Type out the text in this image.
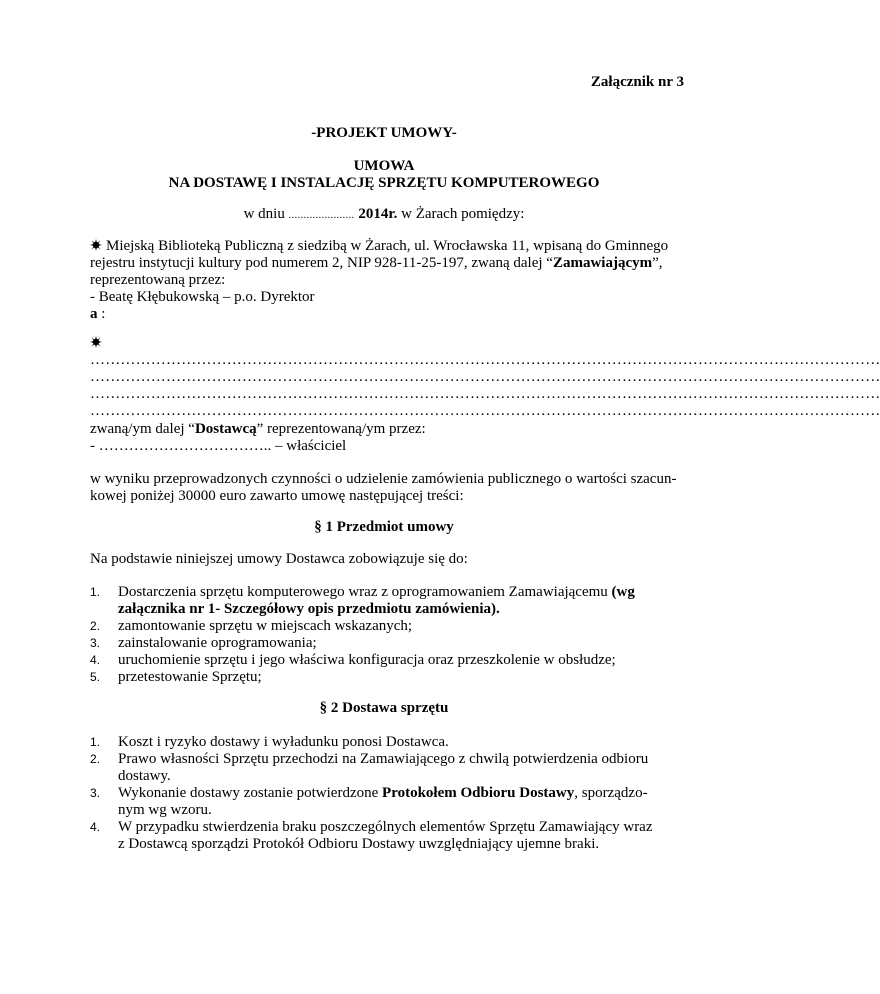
Załącznik nr 3
-PROJEKT UMOWY-
UMOWA
NA DOSTAWĘ I INSTALACJĘ SPRZĘTU KOMPUTEROWEGO
w dniu ...................... 2014r. w Żarach pomiędzy:
Miejską Biblioteką Publiczną z siedzibą w Żarach, ul. Wrocławska 11, wpisaną do Gminnego
rejestru instytucji kultury pod numerem 2, NIP 928-11-25-197, zwaną dalej “Zamawiającym”,
reprezentowaną przez:
- Beatę Kłębukowską – p.o. Dyrektor
a :
…………………………………………………………………………………………………………………………………………
…………………………………………………………………………………………………………………………………………
…………………………………………………………………………………………………………………………………………
…………………………………………………………………………………………………………………………………………
zwaną/ym dalej “Dostawcą” reprezentowaną/ym przez:
- …………………………….. – właściciel
w wyniku przeprowadzonych czynności o udzielenie zamówienia publicznego o wartości szacun-
kowej poniżej 30000 euro zawarto umowę następującej treści:
§ 1 Przedmiot umowy
Na podstawie niniejszej umowy Dostawca zobowiązuje się do:
1.	Dostarczenia sprzętu komputerowego wraz z oprogramowaniem Zamawiającemu (wg
załącznika nr 1- Szczegółowy opis przedmiotu zamówienia).
2.	zamontowanie sprzętu w miejscach wskazanych;
3.	zainstalowanie oprogramowania;
4.	uruchomienie sprzętu i jego właściwa konfiguracja oraz przeszkolenie w obsłudze;
5.	przetestowanie Sprzętu;
§ 2 Dostawa sprzętu
1.	Koszt i ryzyko dostawy i wyładunku ponosi Dostawca.
2.	Prawo własności Sprzętu przechodzi na Zamawiającego z chwilą potwierdzenia odbioru
dostawy.
3.	Wykonanie dostawy zostanie potwierdzone Protokołem Odbioru Dostawy, sporządzo-
nym wg wzoru.
4.	W przypadku stwierdzenia braku poszczególnych elementów Sprzętu Zamawiający wraz
z Dostawcą sporządzi Protokół Odbioru Dostawy uwzględniający ujemne braki.
